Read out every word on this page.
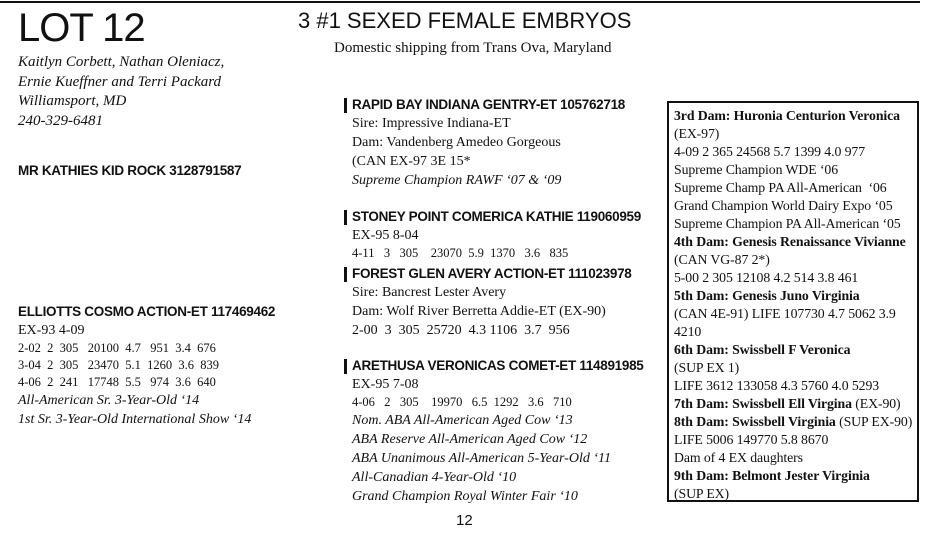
LOT 12	3 #1 SEXED FEMALE EMBRYOS
Domestic shipping from Trans Ova, Maryland
Kaitlyn Corbett, Nathan Oleniacz,
Ernie Kueffner and Terri Packard
Williamsport, MD
240-329-6481
MR KATHIES KID ROCK 3128791587
ELLIOTTS COSMO ACTION-ET 117469462
EX-93 4-09
2-02  2  305   20100  4.7   951  3.4  676
3-04  2  305   23470  5.1  1260  3.6  839
4-06  2  241   17748  5.5   974  3.6  640
All-American Sr. 3-Year-Old ‘14
1st Sr. 3-Year-Old International Show ‘14
RAPID BAY INDIANA GENTRY-ET 105762718
Sire: Impressive Indiana-ET
Dam: Vandenberg Amedeo Gorgeous
(CAN EX-97 3E 15*
Supreme Champion RAWF ‘07 & ‘09
STONEY POINT COMERICA KATHIE 119060959
EX-95 8-04
4-11   3   305    23070  5.9  1370   3.6   835
FOREST GLEN AVERY ACTION-ET 111023978
Sire: Bancrest Lester Avery
Dam: Wolf River Berretta Addie-ET (EX-90)
2-00  3  305  25720  4.3 1106  3.7  956
ARETHUSA VERONICAS COMET-ET 114891985
EX-95 7-08
4-06   2   305    19970   6.5  1292   3.6   710
Nom. ABA All-American Aged Cow ‘13
ABA Reserve All-American Aged Cow ‘12
ABA Unanimous All-American 5-Year-Old ‘11
All-Canadian 4-Year-Old ‘10
Grand Champion Royal Winter Fair ‘10
3rd Dam: Huronia Centurion Veronica
(EX-97)
4-09 2 365 24568 5.7 1399 4.0 977
Supreme Champion WDE ‘06
Supreme Champ PA All-American  ‘06
Grand Champion World Dairy Expo ‘05
Supreme Champion PA All-American ‘05
4th Dam: Genesis Renaissance Vivianne
(CAN VG-87 2*)
5-00 2 305 12108 4.2 514 3.8 461
5th Dam: Genesis Juno Virginia
(CAN 4E-91) LIFE 107730 4.7 5062 3.9
4210
6th Dam: Swissbell F Veronica
(SUP EX 1)
LIFE 3612 133058 4.3 5760 4.0 5293
7th Dam: Swissbell Ell Virgina (EX-90)
8th Dam: Swissbell Virginia (SUP EX-90)
LIFE 5006 149770 5.8 8670
Dam of 4 EX daughters
9th Dam: Belmont Jester Virginia
(SUP EX)
12
